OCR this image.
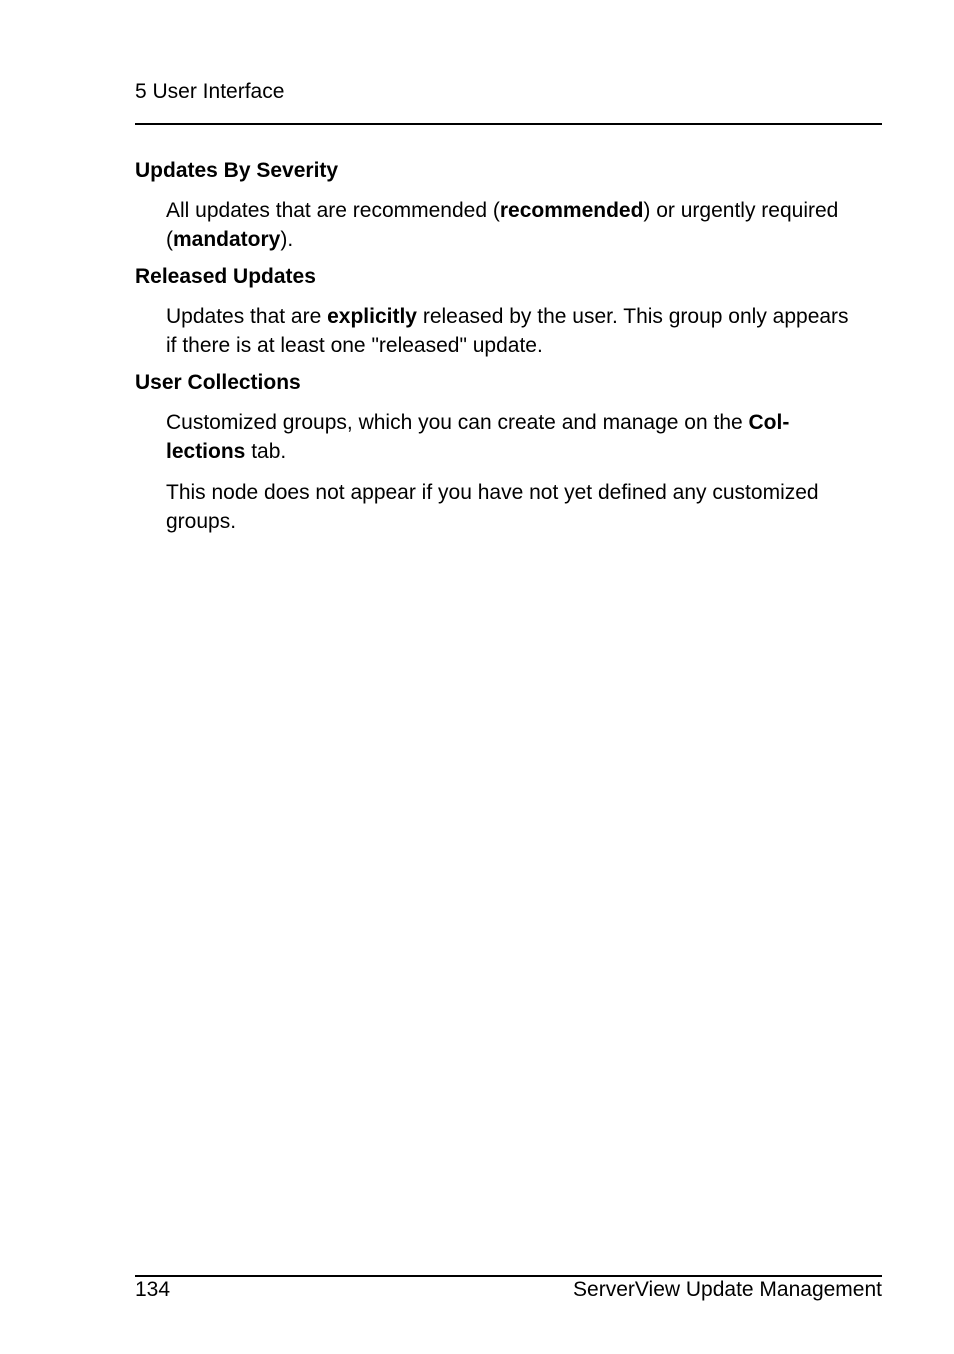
5 User Interface
Updates By Severity
All updates that are recommended (recommended) or urgently required
(mandatory).
Released Updates
Updates that are explicitly released by the user. This group only appears
if there is at least one "released" update.
User Collections
Customized groups, which you can create and manage on the Col-
lections tab.
This node does not appear if you have not yet defined any customized
groups.
134	ServerView Update Management
